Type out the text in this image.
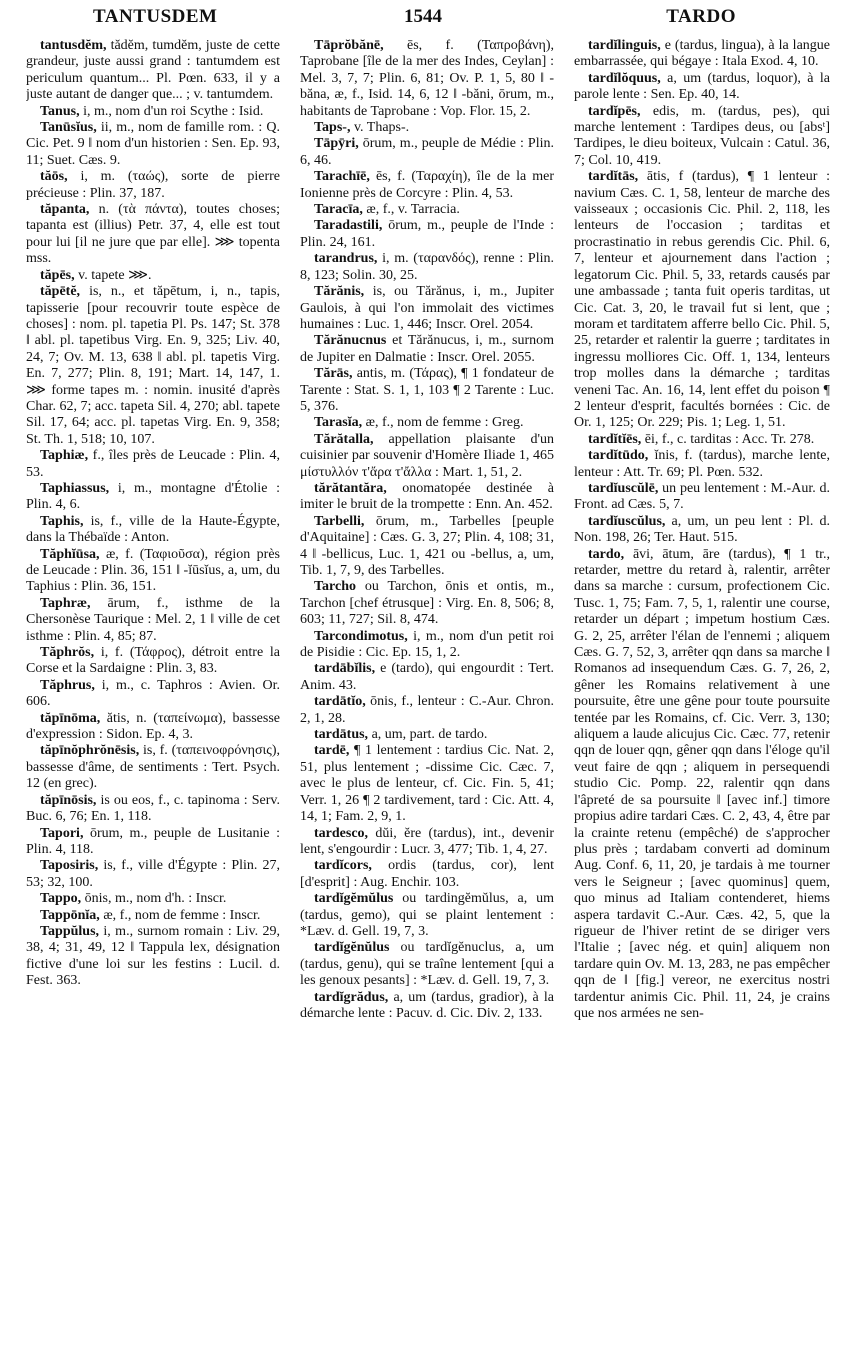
TANTUSDEM	1544	TARDO

tantusdĕm, tădĕm, tumdĕm, juste de cette grandeur, juste aussi grand : tantumdem est periculum quantum... Pl. Pœn. 633, il y a juste autant de danger que... ; v. tantumdem.

Tanus, i, m., nom d'un roi Scythe : Isid.

Tanūsĭus, ii, m., nom de famille rom. : Q. Cic. Pet. 9 ‖ nom d'un historien : Sen. Ep. 93, 11; Suet. Cæs. 9.

tăōs, i, m. (ταώς), sorte de pierre précieuse : Plin. 37, 187.

tăpanta, n. (τὰ πάντα), toutes choses; tapanta est (illius) Petr. 37, 4, elle est tout pour lui [il ne jure que par elle]. ⋙ topenta mss.

tăpēs, v. tapete ⋙.

tăpētĕ, is, n., et tăpētum, i, n., tapis, tapisserie [pour recouvrir toute espèce de choses] : nom. pl. tapetia Pl. Ps. 147; St. 378 ‖ abl. pl. tapetibus Virg. En. 9, 325; Liv. 40, 24, 7; Ov. M. 13, 638 ‖ abl. pl. tapetis Virg. En. 7, 277; Plin. 8, 191; Mart. 14, 147, 1. ⋙ forme tapes m. : nomin. inusité d'après Char. 62, 7; acc. tapeta Sil. 4, 270; abl. tapete Sil. 17, 64; acc. pl. tapetas Virg. En. 9, 358; St. Th. 1, 518; 10, 107.

Taphiæ, f., îles près de Leucade : Plin. 4, 53.

Taphiassus, i, m., montagne d'Étolie : Plin. 4, 6.

Taphis, is, f., ville de la Haute-Égypte, dans la Thébaïde : Anton.

Tăphĭūsa, æ, f. (Ταφιοῦσα), région près de Leucade : Plin. 36, 151 ‖ -ĭūsĭus, a, um, du Taphius : Plin. 36, 151.

Taphræ, ārum, f., isthme de la Chersonèse Taurique : Mel. 2, 1 ‖ ville de cet isthme : Plin. 4, 85; 87.

Tăphrŏs, i, f. (Τάφρος), détroit entre la Corse et la Sardaigne : Plin. 3, 83.

Tăphrus, i, m., c. Taphros : Avien. Or. 606.

tăpīnōma, ătis, n. (ταπείνωμα), bassesse d'expression : Sidon. Ep. 4, 3.

tăpīnŏphrŏnēsis, is, f. (ταπεινοφρόνησις), bassesse d'âme, de sentiments : Tert. Psych. 12 (en grec).

tăpīnōsis, is ou eos, f., c. tapinoma : Serv. Buc. 6, 76; En. 1, 118.

Tapori, ōrum, m., peuple de Lusitanie : Plin. 4, 118.

Taposiris, is, f., ville d'Égypte : Plin. 27, 53; 32, 100.

Tappo, ōnis, m., nom d'h. : Inscr.

Tappōnĭa, æ, f., nom de femme : Inscr.

Tappŭlus, i, m., surnom romain : Liv. 29, 38, 4; 31, 49, 12 ‖ Tappula lex, désignation fictive d'une loi sur les festins : Lucil. d. Fest. 363.

Tāprŏbănē, ēs, f. (Ταπροβάνη), Taprobane [île de la mer des Indes, Ceylan] : Mel. 3, 7, 7; Plin. 6, 81; Ov. P. 1, 5, 80 ‖ -băna, æ, f., Isid. 14, 6, 12 ‖ -băni, ōrum, m., habitants de Taprobane : Vop. Flor. 15, 2.

Taps-, v. Thaps-.

Tāpȳri, ōrum, m., peuple de Médie : Plin. 6, 46.

Tarachīē, ēs, f. (Ταραχίη), île de la mer Ionienne près de Corcyre : Plin. 4, 53.

Taracīa, æ, f., v. Tarracia.

Taradastili, ōrum, m., peuple de l'Inde : Plin. 24, 161.

tarandrus, i, m. (ταρανδός), renne : Plin. 8, 123; Solin. 30, 25.

Tărănis, is, ou Tărănus, i, m., Jupiter Gaulois, à qui l'on immolait des victimes humaines : Luc. 1, 446; Inscr. Orel. 2054.

Tărănucnus et Tărănucus, i, m., surnom de Jupiter en Dalmatie : Inscr. Orel. 2055.

Tărās, antis, m. (Τάρας), ¶ 1 fondateur de Tarente : Stat. S. 1, 1, 103 ¶ 2 Tarente : Luc. 5, 376.

Tarasĭa, æ, f., nom de femme : Greg.

Tărătalla, appellation plaisante d'un cuisinier par souvenir d'Homère Iliade 1, 465 μίστυλλόν τ'ἄρα τ'ἄλλα : Mart. 1, 51, 2.

tărătantăra, onomatopée destinée à imiter le bruit de la trompette : Enn. An. 452.

Tarbelli, ōrum, m., Tarbelles [peuple d'Aquitaine] : Cæs. G. 3, 27; Plin. 4, 108; 31, 4 ‖ -bellicus, Luc. 1, 421 ou -bellus, a, um, Tib. 1, 7, 9, des Tarbelles.

Tarcho ou Tarchon, ōnis et ontis, m., Tarchon [chef étrusque] : Virg. En. 8, 506; 8, 603; 11, 727; Sil. 8, 474.

Tarcondimotus, i, m., nom d'un petit roi de Pisidie : Cic. Ep. 15, 1, 2.

tardābĭlis, e (tardo), qui engourdit : Tert. Anim. 43.

tardātĭo, ōnis, f., lenteur : C.-Aur. Chron. 2, 1, 28.

tardātus, a, um, part. de tardo.

tardē, ¶ 1 lentement : tardius Cic. Nat. 2, 51, plus lentement ; -dissime Cic. Cæc. 7, avec le plus de lenteur, cf. Cic. Fin. 5, 41; Verr. 1, 26 ¶ 2 tardivement, tard : Cic. Att. 4, 14, 1; Fam. 2, 9, 1.

tardesco, dŭi, ĕre (tardus), int., devenir lent, s'engourdir : Lucr. 3, 477; Tib. 1, 4, 27.

tardĭcors, ordis (tardus, cor), lent [d'esprit] : Aug. Enchir. 103.

tardĭgĕmŭlus ou tardingĕmŭlus, a, um (tardus, gemo), qui se plaint lentement : *Læv. d. Gell. 19, 7, 3.

tardĭgĕnŭlus ou tardĭgĕnuclus, a, um (tardus, genu), qui se traîne lentement [qui a les genoux pesants] : *Læv. d. Gell. 19, 7, 3.

tardĭgrădus, a, um (tardus, gradior), à la démarche lente : Pacuv. d. Cic. Div. 2, 133.

tardĭlinguis, e (tardus, lingua), à la langue embarrassée, qui bégaye : Itala Exod. 4, 10.

tardĭlŏquus, a, um (tardus, loquor), à la parole lente : Sen. Ep. 40, 14.

tardĭpēs, edis, m. (tardus, pes), qui marche lentement : Tardipes deus, ou [absᵗ] Tardipes, le dieu boiteux, Vulcain : Catul. 36, 7; Col. 10, 419.

tardĭtās, ātis, f (tardus), ¶ 1 lenteur : navium Cæs. C. 1, 58, lenteur de marche des vaisseaux ; occasionis Cic. Phil. 2, 118, les lenteurs de l'occasion ; tarditas et procrastinatio in rebus gerendis Cic. Phil. 6, 7, lenteur et ajournement dans l'action ; legatorum Cic. Phil. 5, 33, retards causés par une ambassade ; tanta fuit operis tarditas, ut Cic. Cat. 3, 20, le travail fut si lent, que ; moram et tarditatem afferre bello Cic. Phil. 5, 25, retarder et ralentir la guerre ; tarditates in ingressu molliores Cic. Off. 1, 134, lenteurs trop molles dans la démarche ; tarditas veneni Tac. An. 16, 14, lent effet du poison ¶ 2 lenteur d'esprit, facultés bornées : Cic. de Or. 1, 125; Or. 229; Pis. 1; Leg. 1, 51.

tardĭtĭēs, ēi, f., c. tarditas : Acc. Tr. 278.

tardĭtūdo, ĭnis, f. (tardus), marche lente, lenteur : Att. Tr. 69; Pl. Pœn. 532.

tardĭuscŭlē, un peu lentement : M.-Aur. d. Front. ad Cæs. 5, 7.

tardĭuscŭlus, a, um, un peu lent : Pl. d. Non. 198, 26; Ter. Haut. 515.

tardo, āvi, ātum, āre (tardus), ¶ 1 tr., retarder, mettre du retard à, ralentir, arrêter dans sa marche : cursum, profectionem Cic. Tusc. 1, 75; Fam. 7, 5, 1, ralentir une course, retarder un départ ; impetum hostium Cæs. G. 2, 25, arrêter l'élan de l'ennemi ; aliquem Cæs. G. 7, 52, 3, arrêter qqn dans sa marche ‖ Romanos ad insequendum Cæs. G. 7, 26, 2, gêner les Romains relativement à une poursuite, être une gêne pour toute poursuite tentée par les Romains, cf. Cic. Verr. 3, 130; aliquem a laude alicujus Cic. Cæc. 77, retenir qqn de louer qqn, gêner qqn dans l'éloge qu'il veut faire de qqn ; aliquem in persequendi studio Cic. Pomp. 22, ralentir qqn dans l'âpreté de sa poursuite ‖ [avec inf.] timore propius adire tardari Cæs. C. 2, 43, 4, être par la crainte retenu (empêché) de s'approcher plus près ; tardabam converti ad dominum Aug. Conf. 6, 11, 20, je tardais à me tourner vers le Seigneur ; [avec quominus] quem, quo minus ad Italiam contenderet, hiems aspera tardavit C.-Aur. Cæs. 42, 5, que la rigueur de l'hiver retint de se diriger vers l'Italie ; [avec nég. et quin] aliquem non tardare quin Ov. M. 13, 283, ne pas empêcher qqn de ‖ [fig.] vereor, ne exercitus nostri tardentur animis Cic. Phil. 11, 24, je crains que nos armées ne sen-
